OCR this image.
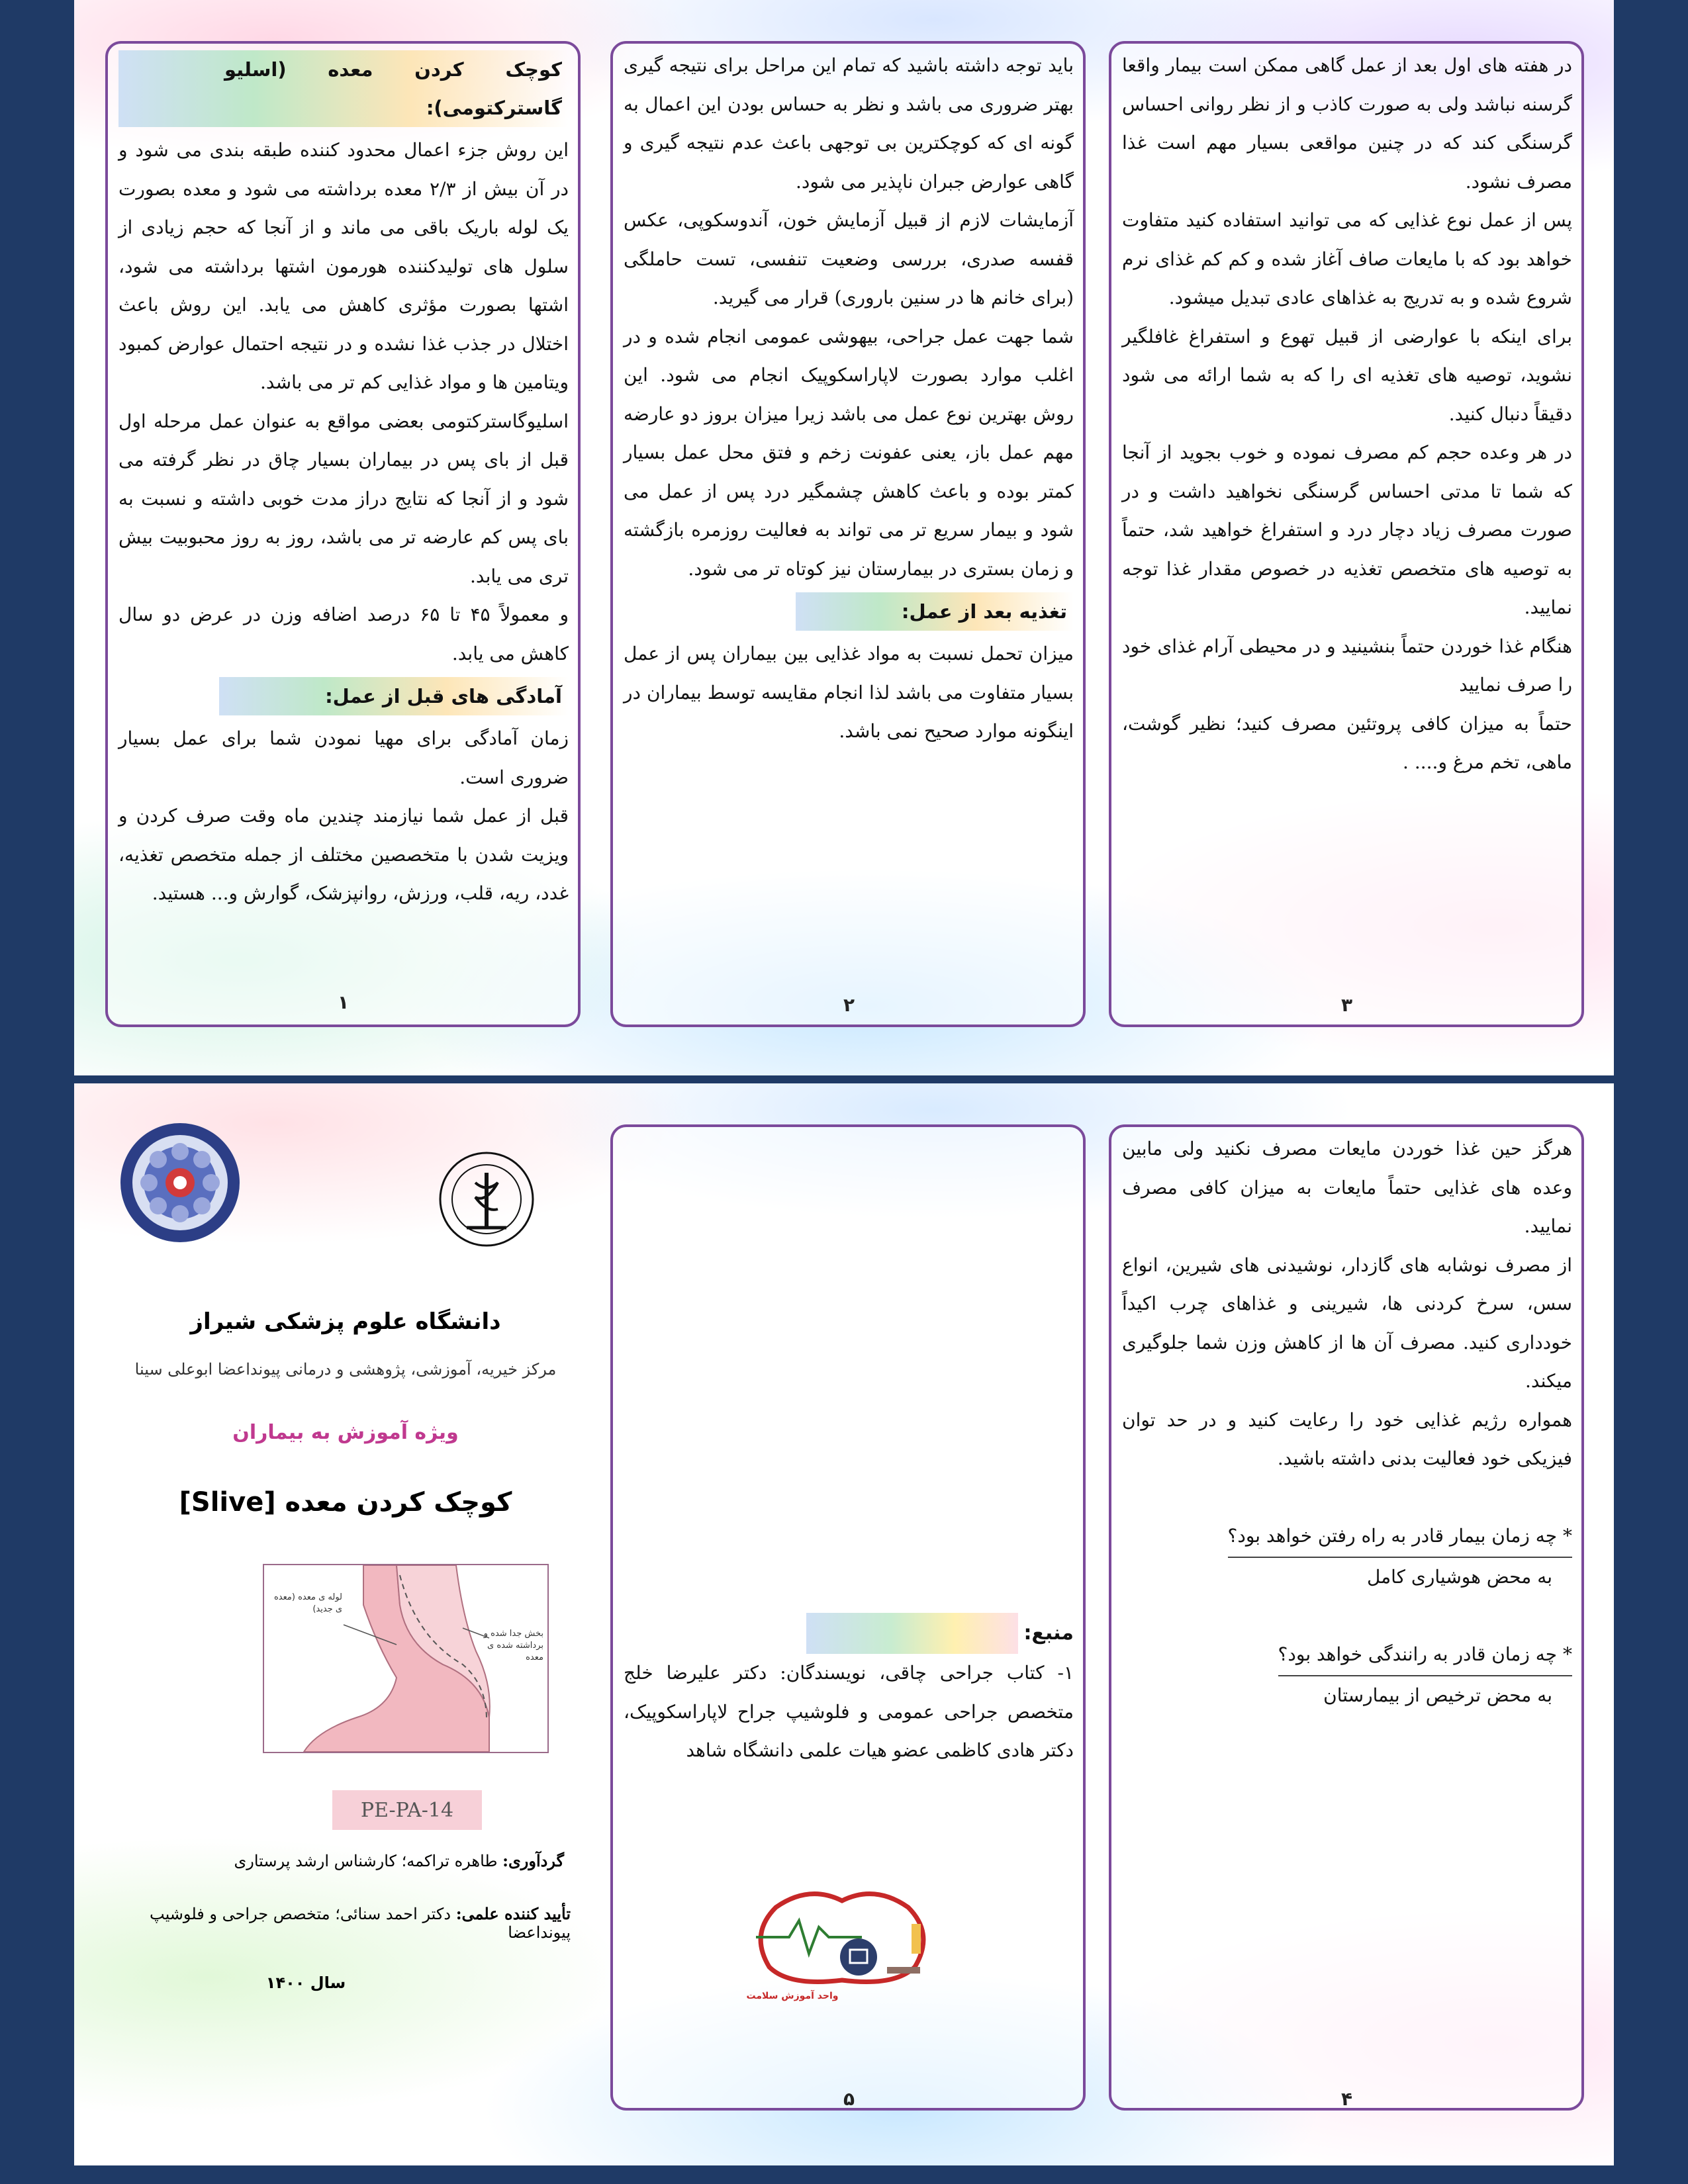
کوچک کردن معده (اسلیو گاسترکتومی):

این روش جزء اعمال محدود کننده طبقه بندی می شود و در آن بیش از ۲/۳ معده برداشته می شود و معده بصورت یک لوله باریک باقی می ماند و از آنجا که حجم زیادی از سلول های تولیدکننده هورمون اشتها برداشته می شود، اشتها بصورت مؤثری کاهش می یابد. این روش باعث اختلال در جذب غذا نشده و در نتیجه احتمال عوارض کمبود ویتامین ها و مواد غذایی کم تر می باشد.

اسلیوگاسترکتومی بعضی مواقع به عنوان عمل مرحله اول قبل از بای پس در بیماران بسیار چاق در نظر گرفته می شود و از آنجا که نتایج دراز مدت خوبی داشته و نسبت به بای پس کم عارضه تر می باشد، روز به روز محبوبیت بیش تری می یابد.

و معمولاً ۴۵ تا ۶۵ درصد اضافه وزن در عرض دو سال کاهش می یابد.

آمادگی های قبل از عمل:

زمان آمادگی برای مهیا نمودن شما برای عمل بسیار ضروری است.

قبل از عمل شما نیازمند چندین ماه وقت صرف کردن و ویزیت شدن با متخصصین مختلف از جمله متخصص تغذیه، غدد، ریه، قلب، ورزش، روانپزشک، گوارش و... هستید.

۱

باید توجه داشته باشید که تمام این مراحل برای نتیجه گیری بهتر ضروری می باشد و نظر به حساس بودن این اعمال به گونه ای که کوچکترین بی توجهی باعث عدم نتیجه گیری و گاهی عوارض جبران ناپذیر می شود.

آزمایشات لازم از قبیل آزمایش خون، آندوسکوپی، عکس قفسه صدری، بررسی وضعیت تنفسی، تست حاملگی (برای خانم ها در سنین باروری) قرار می گیرید.

شما جهت عمل جراحی، بیهوشی عمومی انجام شده و در اغلب موارد بصورت لاپاراسکوپیک انجام می شود. این روش بهترین نوع عمل می باشد زیرا میزان بروز دو عارضه مهم عمل باز، یعنی عفونت زخم و فتق محل عمل بسیار کمتر بوده و باعث کاهش چشمگیر درد پس از عمل می شود و بیمار سریع تر می تواند به فعالیت روزمره بازگشته و زمان بستری در بیمارستان نیز کوتاه تر می شود.

تغذیه بعد از عمل:

میزان تحمل نسبت به مواد غذایی بین بیماران پس از عمل بسیار متفاوت می باشد لذا انجام مقایسه توسط بیماران در اینگونه موارد صحیح نمی باشد.

۲

در هفته های اول بعد از عمل گاهی ممکن است بیمار واقعا گرسنه نباشد ولی به صورت کاذب و از نظر روانی احساس گرسنگی کند که در چنین مواقعی بسیار مهم است غذا مصرف نشود.

پس از عمل نوع غذایی که می توانید استفاده کنید متفاوت خواهد بود که با مایعات صاف آغاز شده و کم کم غذای نرم شروع شده و به تدریج به غذاهای عادی تبدیل میشود.

برای اینکه با عوارضی از قبیل تهوع و استفراغ غافلگیر نشوید، توصیه های تغذیه ای را که به شما ارائه می شود دقیقاً دنبال کنید.

در هر وعده حجم کم مصرف نموده و خوب بجوید از آنجا که شما تا مدتی احساس گرسنگی نخواهید داشت و در صورت مصرف زیاد دچار درد و استفراغ خواهید شد، حتماً به توصیه های متخصص تغذیه در خصوص مقدار غذا توجه نمایید.

هنگام غذا خوردن حتماً بنشینید و در محیطی آرام غذای خود را صرف نمایید

حتماً به میزان کافی پروتئین مصرف کنید؛ نظیر گوشت، ماهی، تخم مرغ و.... .

۳
دانشگاه علوم پزشکی شیراز
مرکز خیریه، آموزشی، پژوهشی و درمانی پیونداعضا ابوعلی سینا
ویژه آموزش به بیماران
کوچک کردن معده [Slive]
لوله ی معده (معده ی جدید)
بخش جدا شده و برداشته شده ی معده
PE-PA-14
گردآوری: طاهره تراکمه؛ کارشناس ارشد پرستاری
تأیید کننده علمی: دکتر احمد سنائی؛ متخصص جراحی و فلوشیپ پیونداعضا
سال ۱۴۰۰
منبع:

۱- کتاب جراحی چاقی، نویسندگان: دکتر علیرضا خلج متخصص جراحی عمومی و فلوشیپ جراح لاپاراسکوپیک، دکتر هادی کاظمی عضو هیات علمی دانشگاه شاهد

واحد آموزش سلامت
۵

هرگز حین غذا خوردن مایعات مصرف نکنید ولی مابین وعده های غذایی حتماً مایعات به میزان کافی مصرف نمایید.

از مصرف نوشابه های گازدار، نوشیدنی های شیرین، انواع سس، سرخ کردنی ها، شیرینی و غذاهای چرب اکیداً خودداری کنید. مصرف آن ها از کاهش وزن شما جلوگیری میکند.

همواره رژیم غذایی خود را رعایت کنید و در حد توان فیزیکی خود فعالیت بدنی داشته باشید.

* چه زمان بیمار قادر به راه رفتن خواهد بود؟

به محض هوشیاری کامل

* چه زمان قادر به رانندگی خواهد بود؟

به محض ترخیص از بیمارستان

۴
